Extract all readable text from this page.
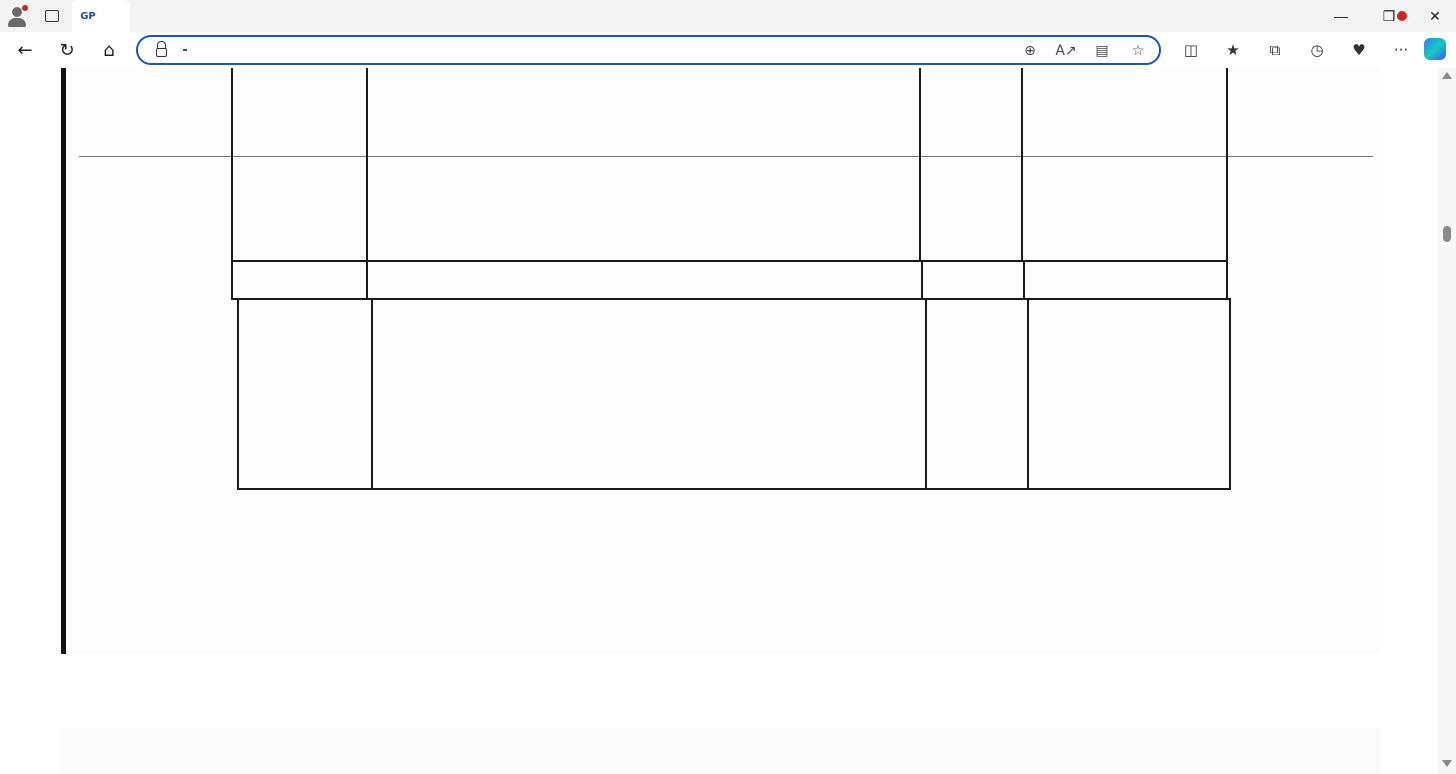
GP	—	❐	✕
←	↻	⌂	⊕	A↗	▤	☆	◫	★	⧉	◷	♥	···
